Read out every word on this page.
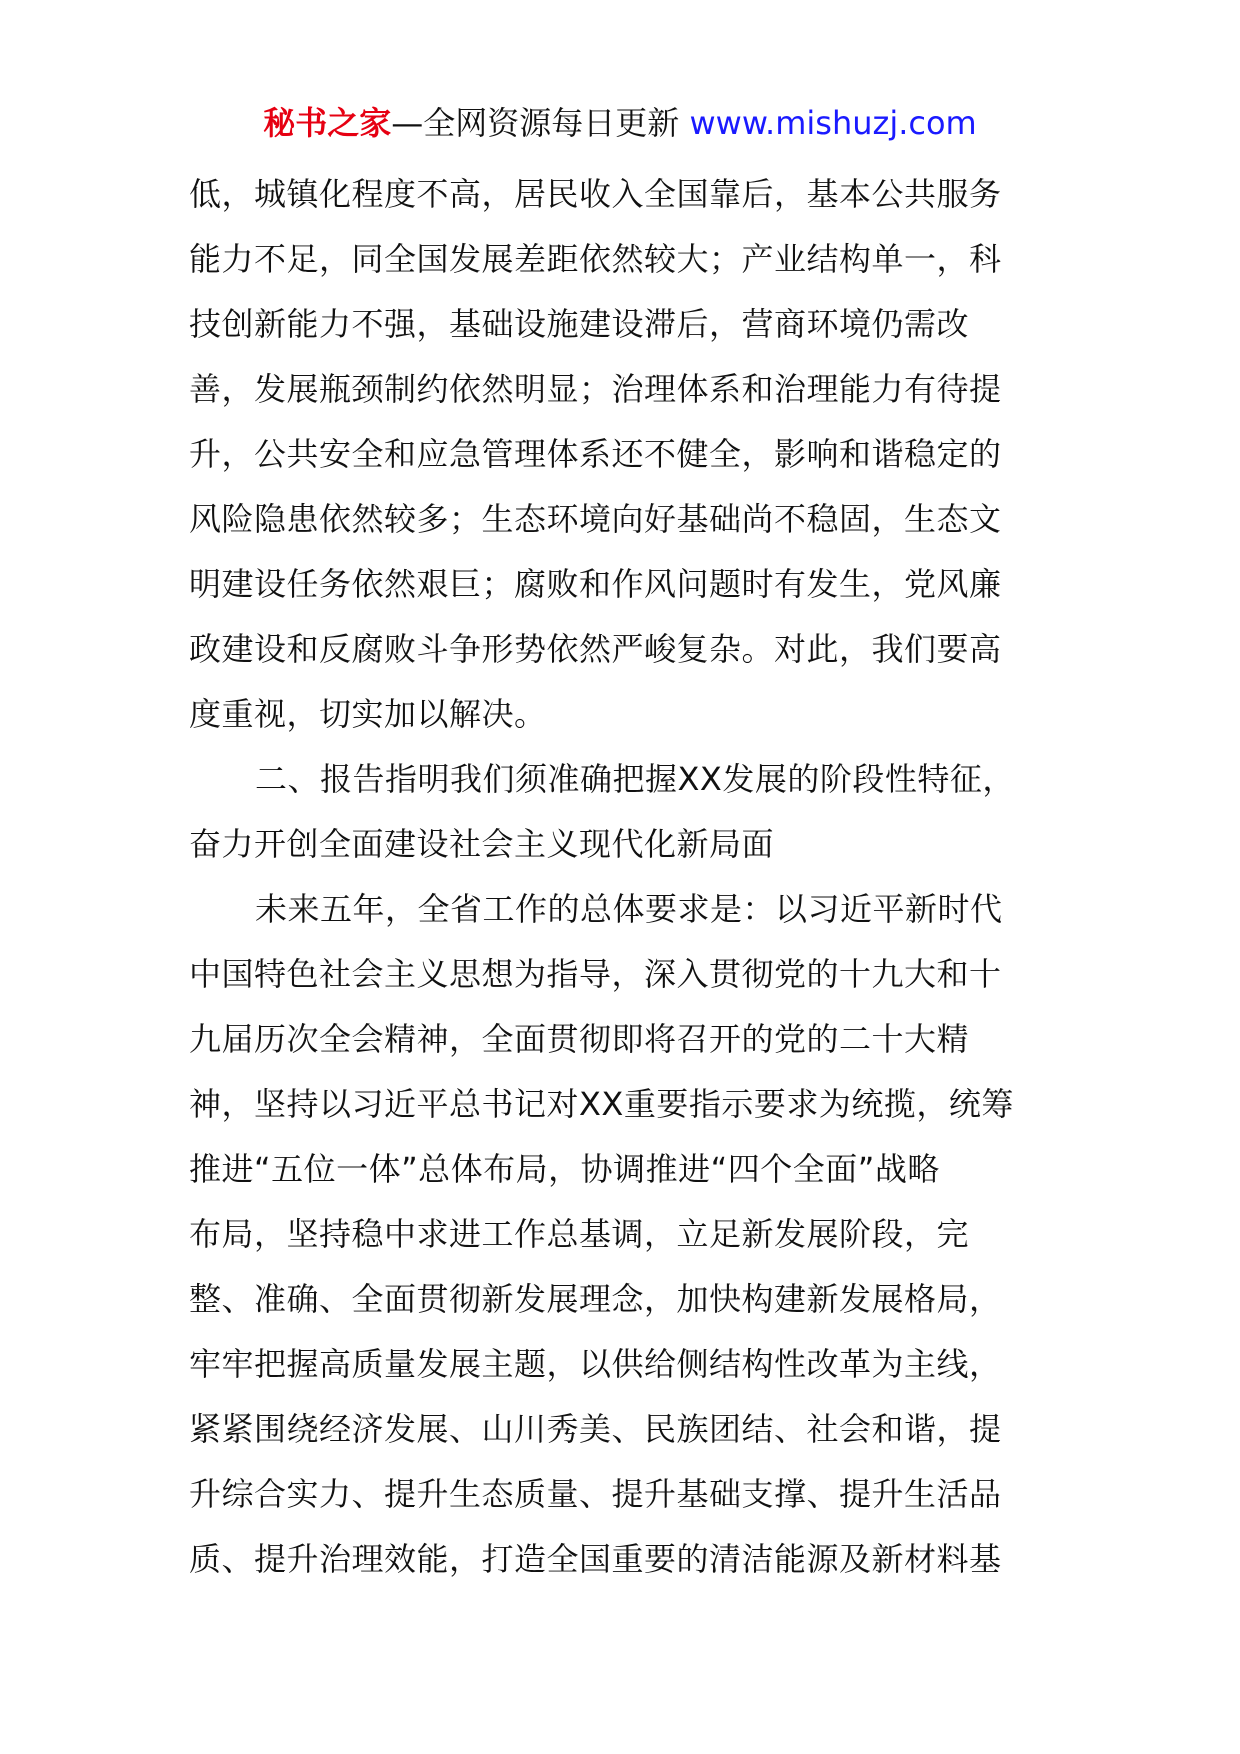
秘书之家—全网资源每日更新 www.mishuzj.com
低，城镇化程度不高，居民收入全国靠后，基本公共服务
能力不足，同全国发展差距依然较大；产业结构单一，科
技创新能力不强，基础设施建设滞后，营商环境仍需改
善，发展瓶颈制约依然明显；治理体系和治理能力有待提
升，公共安全和应急管理体系还不健全，影响和谐稳定的
风险隐患依然较多；生态环境向好基础尚不稳固，生态文
明建设任务依然艰巨；腐败和作风问题时有发生，党风廉
政建设和反腐败斗争形势依然严峻复杂。对此，我们要高
度重视，切实加以解决。
二、报告指明我们须准确把握XX发展的阶段性特征，
奋力开创全面建设社会主义现代化新局面
未来五年，全省工作的总体要求是：以习近平新时代
中国特色社会主义思想为指导，深入贯彻党的十九大和十
九届历次全会精神，全面贯彻即将召开的党的二十大精
神，坚持以习近平总书记对XX重要指示要求为统揽，统筹
推进“五位一体”总体布局，协调推进“四个全面”战略
布局，坚持稳中求进工作总基调，立足新发展阶段，完
整、准确、全面贯彻新发展理念，加快构建新发展格局，
牢牢把握高质量发展主题，以供给侧结构性改革为主线，
紧紧围绕经济发展、山川秀美、民族团结、社会和谐，提
升综合实力、提升生态质量、提升基础支撑、提升生活品
质、提升治理效能，打造全国重要的清洁能源及新材料基
